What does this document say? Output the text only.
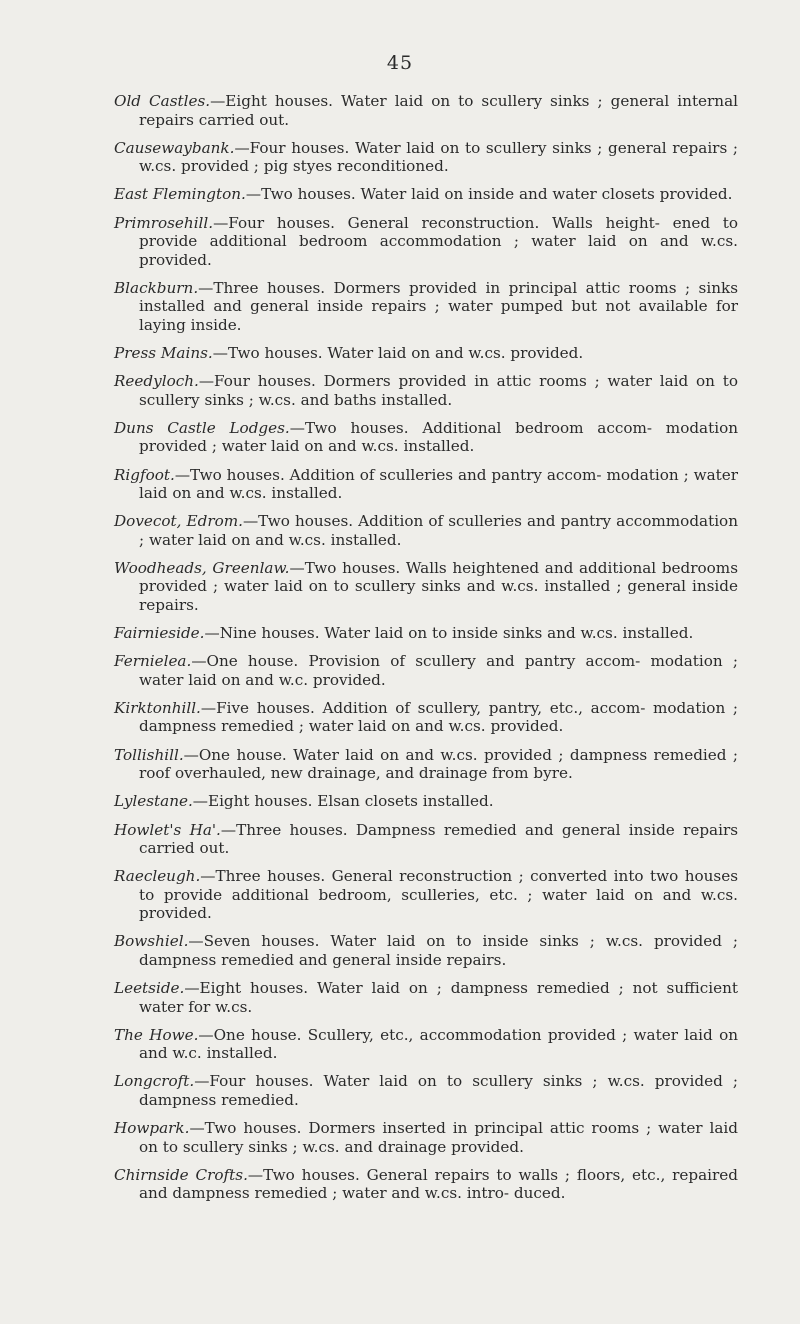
45

Old Castles.—Eight houses. Water laid on to scullery sinks ; general internal repairs carried out.

Causewaybank.—Four houses. Water laid on to scullery sinks ; general repairs ; w.cs. provided ; pig styes reconditioned.

East Flemington.—Two houses. Water laid on inside and water closets provided.

Primrosehill.—Four houses. General reconstruction. Walls height- ened to provide additional bedroom accommodation ; water laid on and w.cs. provided.

Blackburn.—Three houses. Dormers provided in principal attic rooms ; sinks installed and general inside repairs ; water pumped but not available for laying inside.

Press Mains.—Two houses. Water laid on and w.cs. provided.

Reedyloch.—Four houses. Dormers provided in attic rooms ; water laid on to scullery sinks ; w.cs. and baths installed.

Duns Castle Lodges.—Two houses. Additional bedroom accom- modation provided ; water laid on and w.cs. installed.

Rigfoot.—Two houses. Addition of sculleries and pantry accom- modation ; water laid on and w.cs. installed.

Dovecot, Edrom.—Two houses. Addition of sculleries and pantry accommodation ; water laid on and w.cs. installed.

Woodheads, Greenlaw.—Two houses. Walls heightened and additional bedrooms provided ; water laid on to scullery sinks and w.cs. installed ; general inside repairs.

Fairnieside.—Nine houses. Water laid on to inside sinks and w.cs. installed.

Fernielea.—One house. Provision of scullery and pantry accom- modation ; water laid on and w.c. provided.

Kirktonhill.—Five houses. Addition of scullery, pantry, etc., accom- modation ; dampness remedied ; water laid on and w.cs. provided.

Tollishill.—One house. Water laid on and w.cs. provided ; dampness remedied ; roof overhauled, new drainage, and drainage from byre.

Lylestane.—Eight houses. Elsan closets installed.

Howlet's Ha'.—Three houses. Dampness remedied and general inside repairs carried out.

Raecleugh.—Three houses. General reconstruction ; converted into two houses to provide additional bedroom, sculleries, etc. ; water laid on and w.cs. provided.

Bowshiel.—Seven houses. Water laid on to inside sinks ; w.cs. provided ; dampness remedied and general inside repairs.

Leetside.—Eight houses. Water laid on ; dampness remedied ; not sufficient water for w.cs.

The Howe.—One house. Scullery, etc., accommodation provided ; water laid on and w.c. installed.

Longcroft.—Four houses. Water laid on to scullery sinks ; w.cs. provided ; dampness remedied.

Howpark.—Two houses. Dormers inserted in principal attic rooms ; water laid on to scullery sinks ; w.cs. and drainage provided.

Chirnside Crofts.—Two houses. General repairs to walls ; floors, etc., repaired and dampness remedied ; water and w.cs. intro- duced.
